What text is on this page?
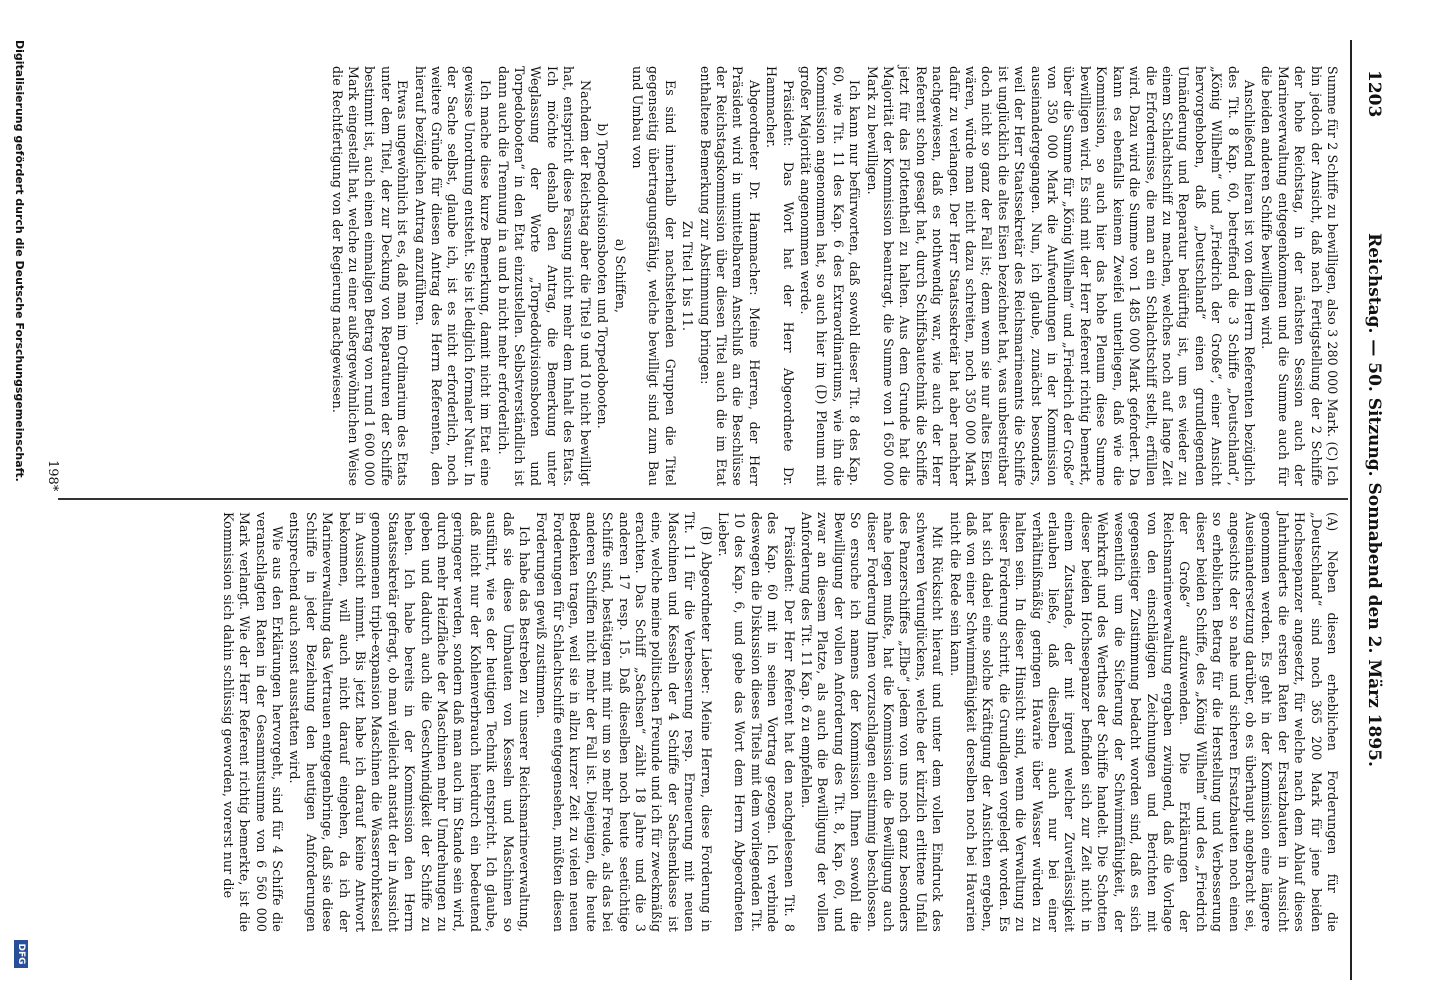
1203
Reichstag. — 50. Sitzung. Sonnabend den 2. März 1895.

Summe für 2 Schiffe zu bewilligen, also 3 280 000 Mark. (C) Ich bin jedoch der Ansicht, daß nach Fertigstellung der 2 Schiffe der hohe Reichstag, in der nächsten Session auch der Marineverwaltung entgegenkommen und die Summe auch für die beiden anderen Schiffe bewilligen wird.

Anschließend hieran ist von dem Herrn Referenten bezüglich des Tit. 8 Kap. 60, betreffend die 3 Schiffe „Deutschland“, „König Wilhelm“ und „Friedrich der Große“, einer Ansicht hervorgehoben, daß „Deutschland“ einen grundlegenden Umänderung und Reparatur bedürftig ist, um es wieder zu einem Schlachtschiff zu machen, welches noch auf lange Zeit die Erfordernisse, die man an ein Schlachtschiff stellt, erfüllen wird. Dazu wird die Summe von 1 485 000 Mark gefordert. Da kann es ebenfalls keinem Zweifel unterliegen, daß wie die Kommission, so auch hier das hohe Plenum diese Summe bewilligen wird. Es sind mit der Herr Referent richtig bemerkt, über die Summe für „König Wilhelm“ und „Friedrich der Große“ von 350 000 Mark die Aufwendungen in der Kommission auseinandergegangen. Nun, ich glaube, zunächst besonders, weil der Herr Staatssekretär des Reichsmarineamts die Schiffe ist unglücklich die altes Eisen bezeichnet hat, was unbestreitbar doch nicht so ganz der Fall ist; denn wenn sie nur altes Eisen wären, würde man nicht dazu schreiten, noch 350 000 Mark dafür zu verlangen. Der Herr Staatssekretär hat aber nachher nachgewiesen, daß es nothwendig war, wie auch der Herr Referent schon gesagt hat, durch Schiffsbautechnik die Schiffe jetzt für das Flottentheil zu halten. Aus dem Grunde hat die Majorität der Kommission beantragt, die Summe von 1 650 000 Mark zu bewilligen.

Ich kann nur befürworten, daß sowohl dieser Tit. 8 des Kap. 60, wie Tit. 11 des Kap. 6 des Extraordinariums, wie ihn die Kommission angenommen hat, so auch hier im (D) Plenum mit großer Majorität angenommen werde.

Präsident: Das Wort hat der Herr Abgeordnete Dr. Hammacher.

Abgeordneter Dr. Hammacher: Meine Herren, der Herr Präsident wird in unmittelbarem Anschluß an die Beschlüsse der Reichstagskommission über diesen Titel auch die im Etat enthaltene Bemerkung zur Abstimmung bringen:

Zu Titel 1 bis 11.

Es sind innerhalb der nachstehenden Gruppen die Titel gegenseitig übertragungsfähig, welche bewilligt sind zum Bau und Umbau von

a) Schiffen,

b) Torpedodivisionsbooten und Torpedobooten.

Nachdem der Reichstag aber die Titel 9 und 10 nicht bewilligt hat, entspricht diese Fassung nicht mehr dem Inhalt des Etats. Ich möchte deshalb den Antrag, die Bemerkung unter Weglassung der Worte „Torpedodivisionsbooten und Torpedobooten“ in den Etat einzustellen. Selbstverständlich ist dann auch die Trennung in a und b nicht mehr erforderlich.

Ich mache diese kurze Bemerkung, damit nicht im Etat eine gewisse Unordnung entsteht. Sie ist lediglich formaler Natur. In der Sache selbst, glaube ich, ist es nicht erforderlich, noch weitere Gründe für diesen Antrag des Herrn Referenten, den hierauf bezüglichen Antrag anzuführen.

Etwas ungewöhnlich ist es, daß man im Ordinarium des Etats unter dem Titel, der zur Deckung von Reparaturen der Schiffe bestimmt ist, auch einen einmaligen Betrag von rund 1 600 000 Mark eingestellt hat, welche zu einer außergewöhnlichen Weise die Rechtfertigung von der Regierung nachgewiesen.

(A) Neben diesen erheblichen Forderungen für die „Deutschland“ sind noch 365 200 Mark für jene beiden Hochseepanzer angesetzt, für welche nach dem Ablauf dieses Jahrhunderts die ersten Raten der Ersatzbauten in Aussicht genommen werden. Es geht in der Kommission eine längere Auseinandersetzung darüber, ob es überhaupt angebracht sei, angesichts der so nahe und sicheren Ersatzbauten noch einen so erheblichen Betrag für die Herstellung und Verbesserung dieser beiden Schiffe, des „König Wilhelm“ und des „Friedrich der Große“ aufzuwenden. Die Erklärungen der Reichsmarineverwaltung ergaben zwingend, daß die Vorlage von den einschlägigen Zeichnungen und Berichten mit gegenseitiger Zustimmung bedacht worden sind, daß es sich wesentlich um die Sicherung der Schwimmfähigkeit, der Wehrkraft und des Werthes der Schiffe handelt. Die Schotten dieser beiden Hochseepanzer befinden sich zur Zeit nicht in einem Zustande, der mit irgend welcher Zuverlässigkeit erlauben ließe, daß dieselben auch nur bei einer verhältnißmäßig geringen Havarie über Wasser würden zu halten sein. In dieser Hinsicht sind, wenn die Verwaltung zu dieser Forderung schritt, die Grundlagen vorgelegt worden. Es hat sich dabei eine solche Kräftigung der Ansichten ergeben, daß von einer Schwimmfähigkeit derselben noch bei Havarien nicht die Rede sein kann.

Mit Rücksicht hierauf und unter dem vollen Eindruck des schweren Verunglückens, welche der kürzlich erlittene Unfall des Panzerschiffes „Elbe“ jedem von uns noch ganz besonders nahe legen mußte, hat die Kommission die Bewilligung auch dieser Forderung Ihnen vorzuschlagen einstimmig beschlossen. So ersuche ich namens der Kommission Ihnen sowohl die Bewilligung der vollen Anforderung des Tit. 8, Kap. 60, und zwar an diesem Platze, als auch die Bewilligung der vollen Anforderung des Tit. 11 Kap. 6 zu empfehlen.

Präsident: Der Herr Referent hat den nachgelesenen Tit. 8 des Kap. 60 mit in seinen Vortrag gezogen. Ich verbinde deswegen die Diskussion dieses Titels mit dem vorliegenden Tit. 10 des Kap. 6, und gebe das Wort dem Herrn Abgeordneten Lieber.

(B) Abgeordneter Lieber: Meine Herren, diese Forderung in Tit. 11 für die Verbesserung resp. Erneuerung mit neuen Maschinen und Kesseln der 4 Schiffe der Sachsenklasse ist eine, welche meine politischen Freunde und ich für zweckmäßig erachten. Das Schiff „Sachsen“ zählt 18 Jahre und die 3 anderen 17 resp. 15. Daß dieselben noch heute seetüchtige Schiffe sind, bestätigen mit mir um so mehr Freude, als das bei anderen Schiffen nicht mehr der Fall ist. Diejenigen, die heute Bedenken tragen, weil sie in allzu kurzer Zeit zu vielen neuen Forderungen für Schlachtschiffe entgegensehen, müßten diesen Forderungen gewiß zustimmen.

Ich habe das Bestreben zu unserer Reichsmarineverwaltung, daß sie diese Umbauten von Kesseln und Maschinen so ausführt, wie es der heutigen Technik entspricht. Ich glaube, daß nicht nur der Kohlenverbrauch hierdurch ein bedeutend geringerer werden, sondern daß man auch im Stande sein wird, durch mehr Heizfläche der Maschinen mehr Umdrehungen zu geben und dadurch auch die Geschwindigkeit der Schiffe zu heben. Ich habe bereits in der Kommission den Herrn Staatssekretär gefragt, ob man vielleicht anstatt der in Aussicht genommenen triple-expansion Maschinen die Wasserrohrkessel in Aussicht nimmt. Bis jetzt habe ich darauf keine Antwort bekommen, will auch nicht darauf eingehen, da ich der Marineverwaltung das Vertrauen entgegenbringe, daß sie diese Schiffe in jeder Beziehung den heutigen Anforderungen entsprechend auch sonst ausstatten wird.

Wie aus den Erklärungen hervorgeht, sind für 4 Schiffe die veranschlagten Raten in der Gesammtsumme von 6 560 000 Mark verlangt. Wie der Herr Referent richtig bemerkte, ist die Kommission sich dahin schlüssig geworden, vorerst nur die

198*
Digitalisierung gefördert durch die Deutsche Forschungsgemeinschaft.
DFG
